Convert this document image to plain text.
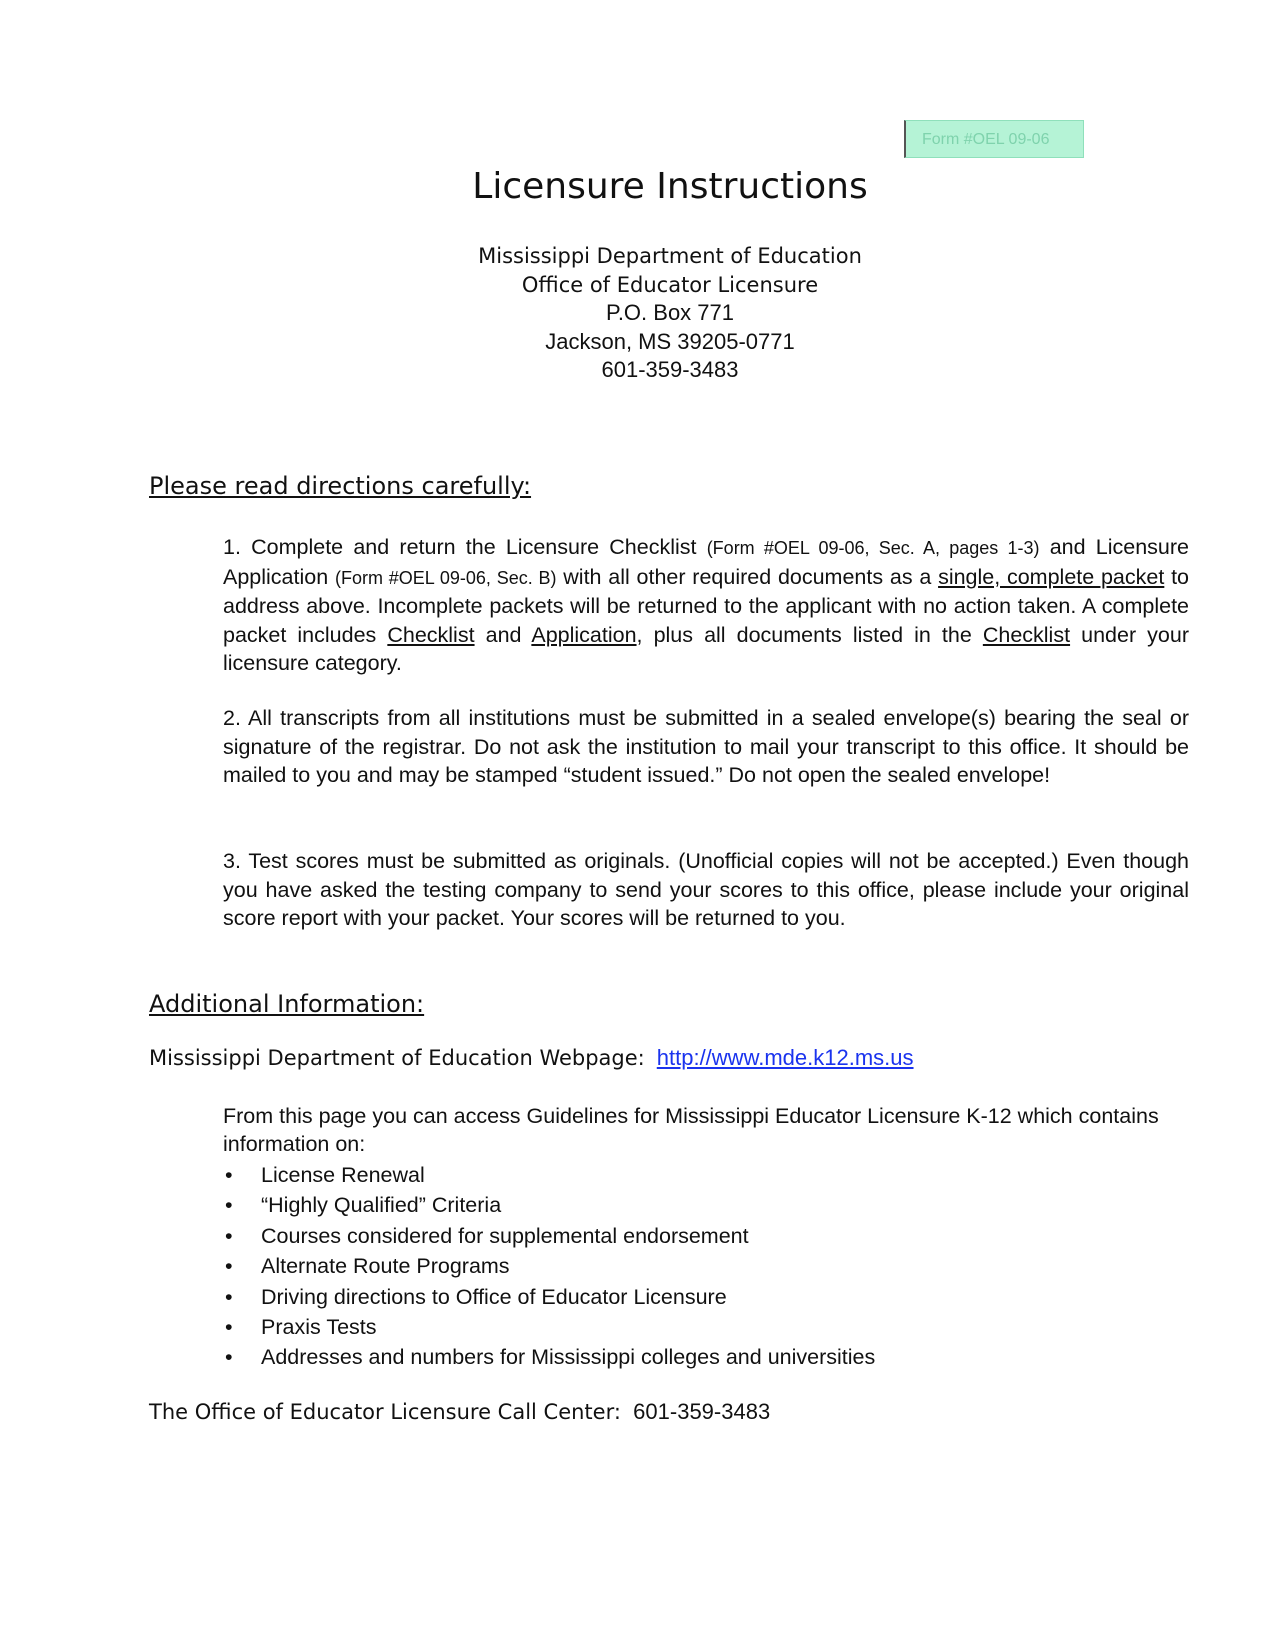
Form #OEL 09-06
Licensure Instructions
Mississippi Department of Education
Office of Educator Licensure
P.O. Box 771
Jackson, MS 39205-0771
601-359-3483
Please read directions carefully:
1. Complete and return the Licensure Checklist (Form #OEL 09-06, Sec. A, pages 1-3) and Licensure Application (Form #OEL 09-06, Sec. B) with all other required documents as a single, complete packet to address above. Incomplete packets will be returned to the applicant with no action taken. A complete packet includes Checklist and Application, plus all documents listed in the Checklist under your licensure category.
2. All transcripts from all institutions must be submitted in a sealed envelope(s) bearing the seal or signature of the registrar. Do not ask the institution to mail your transcript to this office. It should be mailed to you and may be stamped “student issued.” Do not open the sealed envelope!
3. Test scores must be submitted as originals. (Unofficial copies will not be accepted.) Even though you have asked the testing company to send your scores to this office, please include your original score report with your packet. Your scores will be returned to you.
Additional Information:
Mississippi Department of Education Webpage: http://www.mde.k12.ms.us
From this page you can access Guidelines for Mississippi Educator Licensure K-12 which contains information on:
• License Renewal
• “Highly Qualified” Criteria
• Courses considered for supplemental endorsement
• Alternate Route Programs
• Driving directions to Office of Educator Licensure
• Praxis Tests
• Addresses and numbers for Mississippi colleges and universities
The Office of Educator Licensure Call Center: 601-359-3483
